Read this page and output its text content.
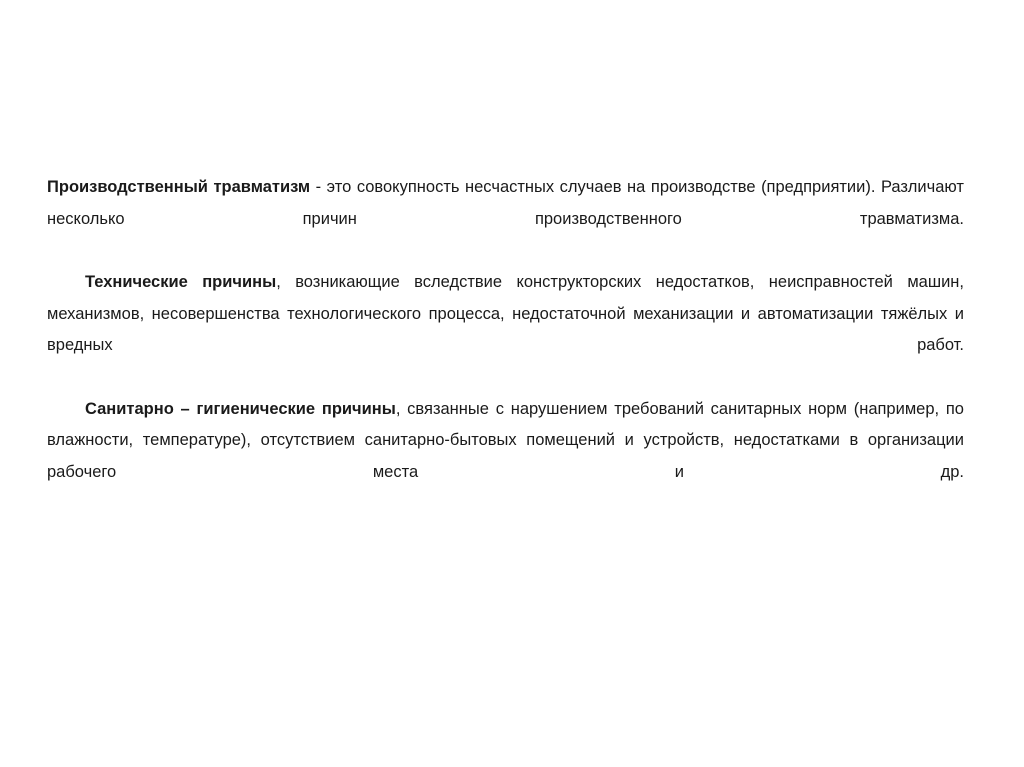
Производственный травматизм - это совокупность несчастных случаев на производстве (предприятии). Различают несколько причин производственного травматизма.

Технические причины, возникающие вследствие конструкторских недостатков, неисправностей машин, механизмов, несовершенства технологического процесса, недостаточной механизации и автоматизации тяжёлых и вредных работ.

Санитарно – гигиенические причины, связанные с нарушением требований санитарных норм (например, по влажности, температуре), отсутствием санитарно-бытовых помещений и устройств, недостатками в организации рабочего места и др.
